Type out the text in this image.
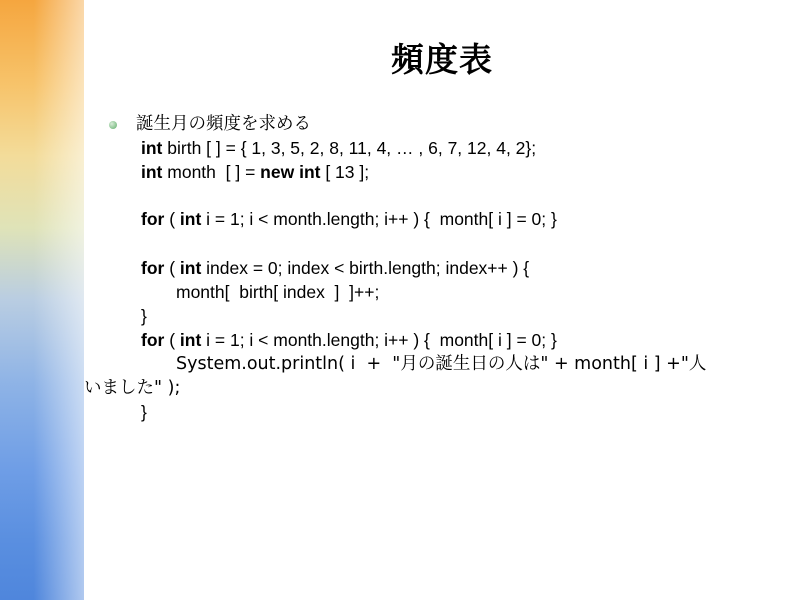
頻度表
誕生月の頻度を求める
int birth [ ] = { 1, 3, 5, 2, 8, 11, 4, … , 6, 7, 12, 4, 2};
int month  [ ] = new int [ 13 ];
for ( int i = 1; i < month.length; i++ ) {  month[ i ] = 0; }
for ( int index = 0; index < birth.length; index++ ) {
month[  birth[ index  ]  ]++;
}
for ( int i = 1; i < month.length; i++ ) {  month[ i ] = 0; }
System.out.println( i  +  "月の誕生日の人は" + month[ i ] +"人
いました" );
}
